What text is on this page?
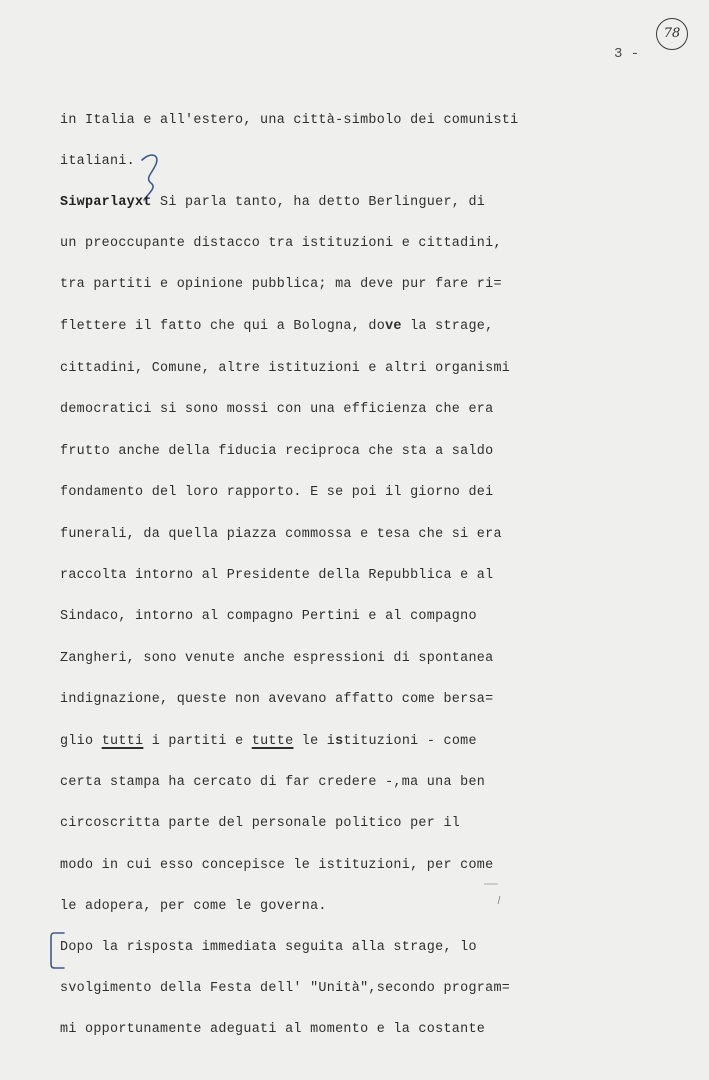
78
3 -
in Italia e all'estero, una città-simbolo dei comunisti
italiani.
Siwparlayxt Si parla tanto, ha detto Berlinguer, di
un preoccupante distacco tra istituzioni e cittadini,
tra partiti e opinione pubblica; ma deve pur fare ri=
flettere il fatto che qui a Bologna, dove la strage,
cittadini, Comune, altre istituzioni e altri organismi
democratici si sono mossi con una efficienza che era
frutto anche della fiducia reciproca che sta a saldo
fondamento del loro rapporto. E se poi il giorno dei
funerali, da quella piazza commossa e tesa che si era
raccolta intorno al Presidente della Repubblica e al
Sindaco, intorno al compagno Pertini e al compagno
Zangheri, sono venute anche espressioni di spontanea
indignazione, queste non avevano affatto come bersa=
glio tutti i partiti e tutte le istituzioni - come
certa stampa ha cercato di far credere -,ma una ben
circoscritta parte del personale politico per il
modo in cui esso concepisce le istituzioni, per come
le adopera, per come le governa.
Dopo la risposta immediata seguita alla strage, lo
svolgimento della Festa dell' "Unità",secondo program=
mi opportunamente adeguati al momento e la costante
